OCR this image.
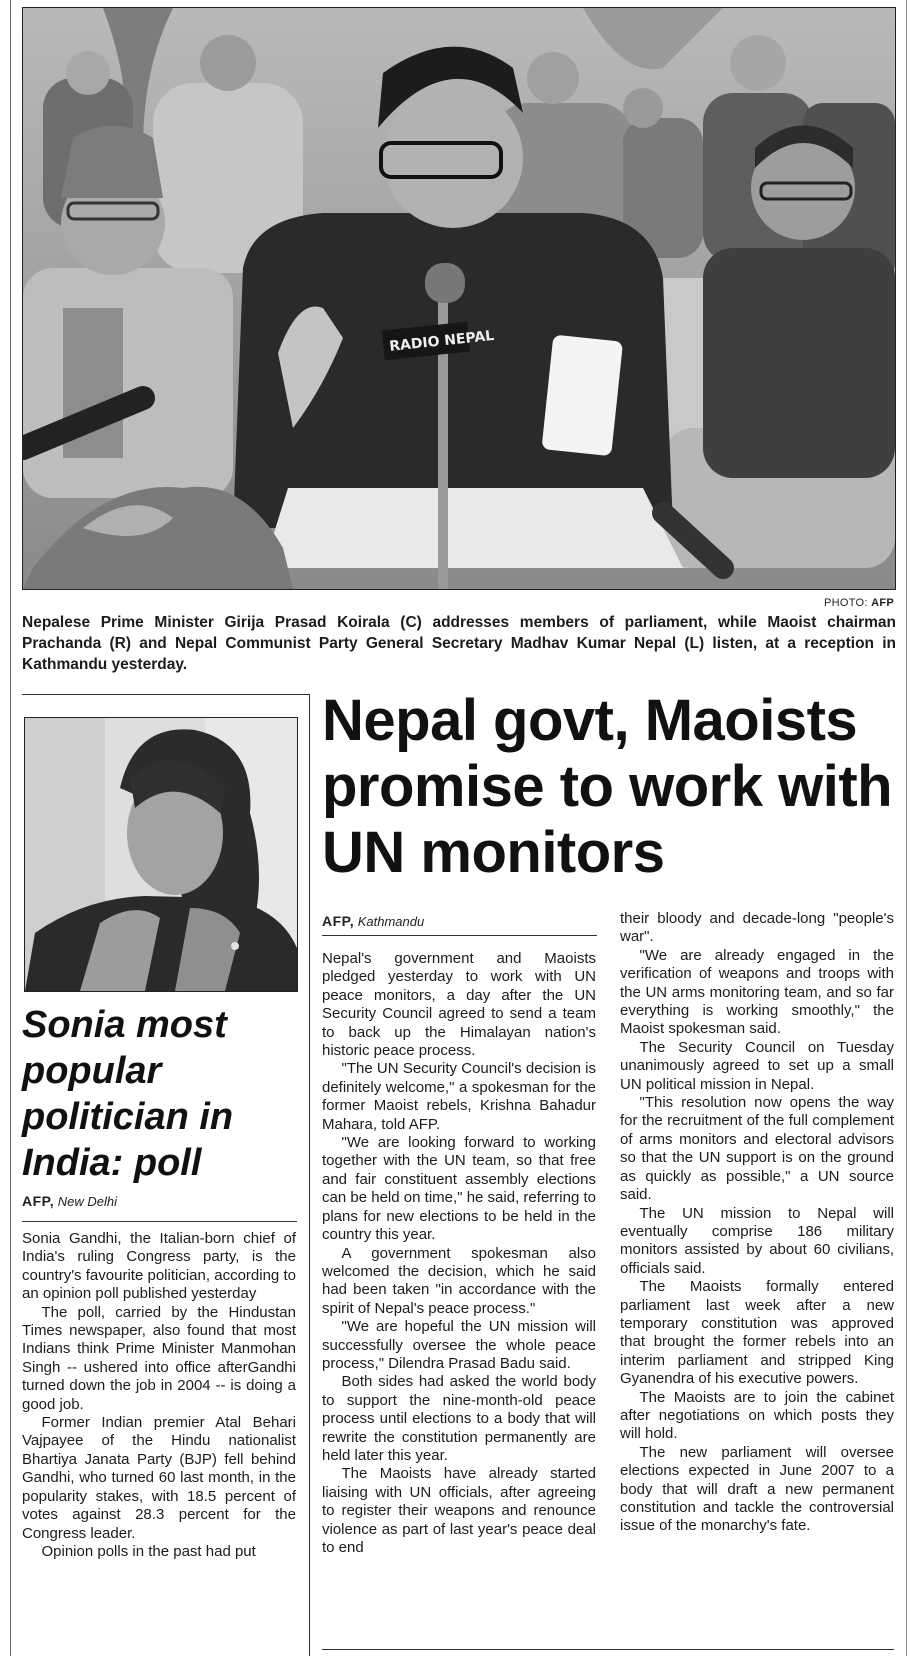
RADIO NEPAL
PHOTO: AFP
Nepalese Prime Minister Girija Prasad Koirala (C) addresses members of parliament, while Maoist chairman Prachanda (R) and Nepal Communist Party General Secretary Madhav Kumar Nepal (L) listen, at a reception in Kathmandu yesterday.
Sonia most popular politician in India: poll
AFP, New Delhi

Sonia Gandhi, the Italian-born chief of India's ruling Congress party, is the country's favourite politician, according to an opinion poll published yesterday

The poll, carried by the Hindustan Times newspaper, also found that most Indians think Prime Minister Manmohan Singh -- ushered into office afterGandhi turned down the job in 2004 -- is doing a good job.

Former Indian premier Atal Behari Vajpayee of the Hindu nationalist Bhartiya Janata Party (BJP) fell behind Gandhi, who turned 60 last month, in the popularity stakes, with 18.5 percent of votes against 28.3 percent for the Congress leader.

Opinion polls in the past had put

Nepal govt, Maoists promise to work with UN monitors
AFP, Kathmandu

Nepal's government and Maoists pledged yesterday to work with UN peace monitors, a day after the UN Security Council agreed to send a team to back up the Himalayan nation's historic peace process.

"The UN Security Council's decision is definitely welcome," a spokesman for the former Maoist rebels, Krishna Bahadur Mahara, told AFP.

"We are looking forward to working together with the UN team, so that free and fair constituent assembly elections can be held on time," he said, referring to plans for new elections to be held in the country this year.

A government spokesman also welcomed the decision, which he said had been taken "in accordance with the spirit of Nepal's peace process."

"We are hopeful the UN mission will successfully oversee the whole peace process," Dilendra Prasad Badu said.

Both sides had asked the world body to support the nine-month-old peace process until elections to a body that will rewrite the constitution permanently are held later this year.

The Maoists have already started liaising with UN officials, after agreeing to register their weapons and renounce violence as part of last year's peace deal to end

their bloody and decade-long "people's war".

"We are already engaged in the verification of weapons and troops with the UN arms monitoring team, and so far everything is working smoothly," the Maoist spokesman said.

The Security Council on Tuesday unanimously agreed to set up a small UN political mission in Nepal.

"This resolution now opens the way for the recruitment of the full complement of arms monitors and electoral advisors so that the UN support is on the ground as quickly as possible," a UN source said.

The UN mission to Nepal will eventually comprise 186 military monitors assisted by about 60 civilians, officials said.

The Maoists formally entered parliament last week after a new temporary constitution was approved that brought the former rebels into an interim parliament and stripped King Gyanendra of his executive powers.

The Maoists are to join the cabinet after negotiations on which posts they will hold.

The new parliament will oversee elections expected in June 2007 to a body that will draft a new permanent constitution and tackle the controversial issue of the monarchy's fate.
